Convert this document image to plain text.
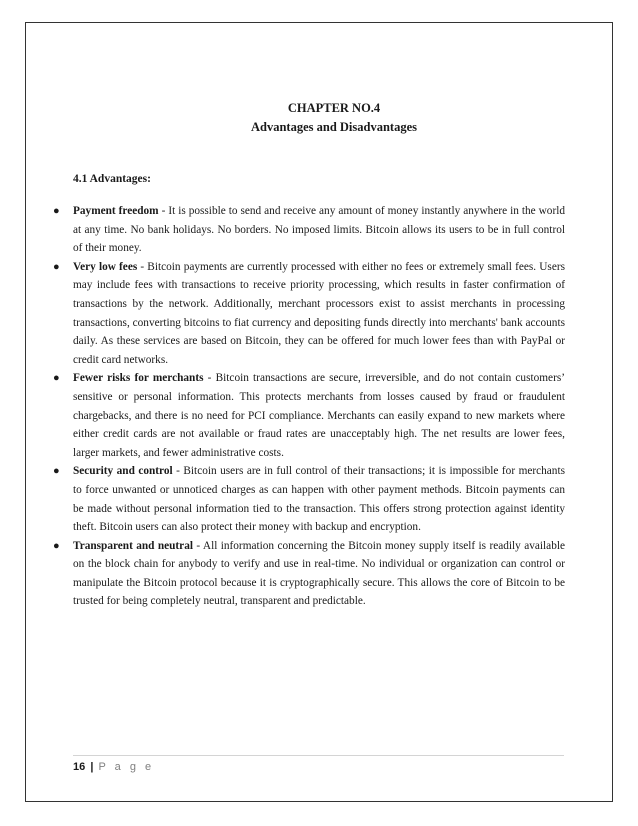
CHAPTER NO.4
Advantages and Disadvantages
4.1 Advantages:
● Payment freedom - It is possible to send and receive any amount of money instantly anywhere in the world at any time. No bank holidays. No borders. No imposed limits. Bitcoin allows its users to be in full control of their money.
● Very low fees - Bitcoin payments are currently processed with either no fees or extremely small fees. Users may include fees with transactions to receive priority processing, which results in faster confirmation of transactions by the network. Additionally, merchant processors exist to assist merchants in processing transactions, converting bitcoins to fiat currency and depositing funds directly into merchants' bank accounts daily. As these services are based on Bitcoin, they can be offered for much lower fees than with PayPal or credit card networks.
● Fewer risks for merchants - Bitcoin transactions are secure, irreversible, and do not contain customers’ sensitive or personal information. This protects merchants from losses caused by fraud or fraudulent chargebacks, and there is no need for PCI compliance. Merchants can easily expand to new markets where either credit cards are not available or fraud rates are unacceptably high. The net results are lower fees, larger markets, and fewer administrative costs.
● Security and control - Bitcoin users are in full control of their transactions; it is impossible for merchants to force unwanted or unnoticed charges as can happen with other payment methods. Bitcoin payments can be made without personal information tied to the transaction. This offers strong protection against identity theft. Bitcoin users can also protect their money with backup and encryption.
● Transparent and neutral - All information concerning the Bitcoin money supply itself is readily available on the block chain for anybody to verify and use in real-time. No individual or organization can control or manipulate the Bitcoin protocol because it is cryptographically secure. This allows the core of Bitcoin to be trusted for being completely neutral, transparent and predictable.
16 | P a g e
